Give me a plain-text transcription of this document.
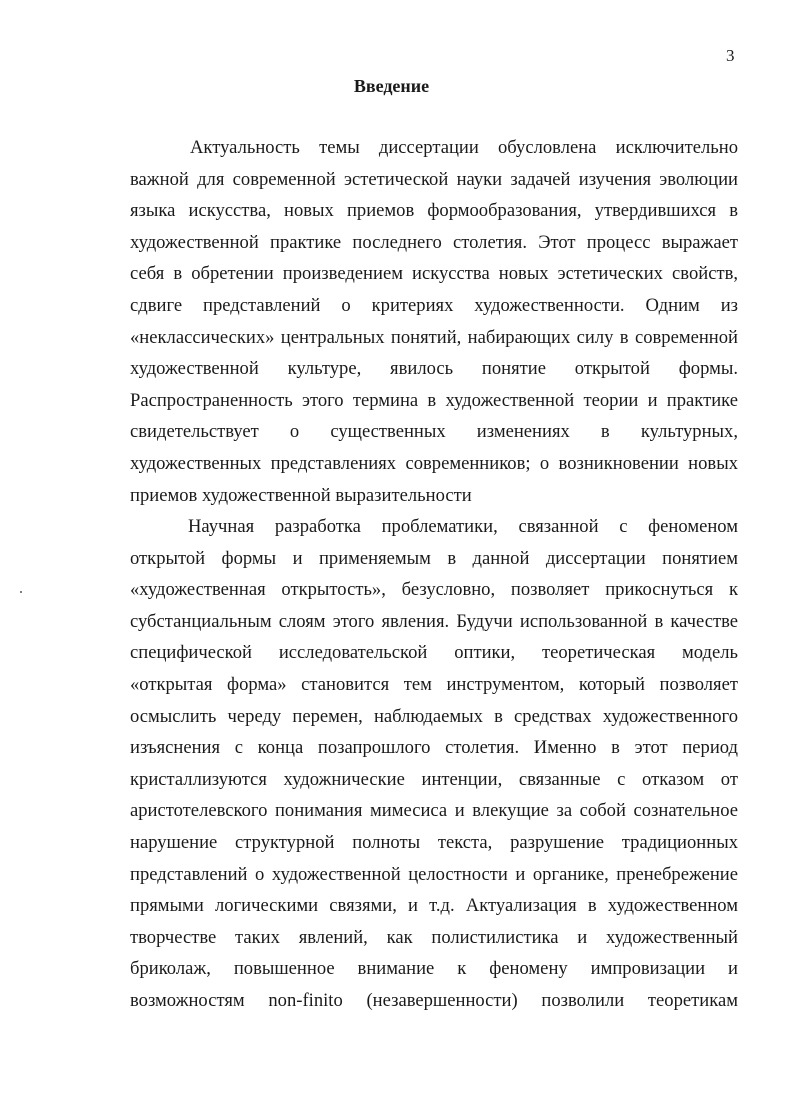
3
Введение
Актуальность темы диссертации обусловлена исключительно
важной для современной эстетической науки задачей изучения эволюции
языка искусства, новых приемов формообразования, утвердившихся в
художественной практике последнего столетия. Этот процесс выражает
себя в обретении произведением искусства новых эстетических свойств,
сдвиге представлений о критериях художественности. Одним из
«неклассических» центральных понятий, набирающих силу в современной
художественной культуре, явилось понятие открытой формы.
Распространенность этого термина в художественной теории и практике
свидетельствует о существенных изменениях в культурных,
художественных представлениях современников; о возникновении новых
приемов художественной выразительности
Научная разработка проблематики, связанной с феноменом
открытой формы и применяемым в данной диссертации понятием
«художественная открытость», безусловно, позволяет прикоснуться к
субстанциальным слоям этого явления. Будучи использованной в качестве
специфической исследовательской оптики, теоретическая модель
«открытая форма» становится тем инструментом, который позволяет
осмыслить череду перемен, наблюдаемых в средствах художественного
изъяснения с конца позапрошлого столетия. Именно в этот период
кристаллизуются художнические интенции, связанные с отказом от
аристотелевского понимания мимесиса и влекущие за собой сознательное
нарушение структурной полноты текста, разрушение традиционных
представлений о художественной целостности и органике, пренебрежение
прямыми логическими связями, и т.д. Актуализация в художественном
творчестве таких явлений, как полистилистика и художественный
бриколаж, повышенное внимание к феномену импровизации и
возможностям non-finito (незавершенности) позволили теоретикам
